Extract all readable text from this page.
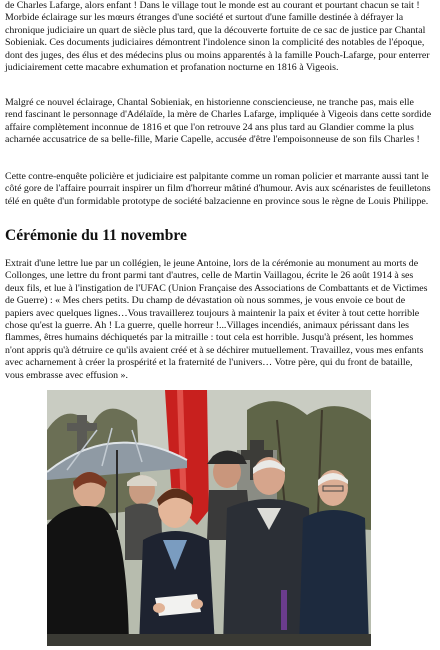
de Charles Lafarge, alors enfant ! Dans le village tout le monde est au courant et pourtant chacun se tait ! Morbide éclairage sur les mœurs étranges d'une société et surtout d'une famille destinée à défrayer la chronique judiciaire un quart de siècle plus tard, que la découverte fortuite de ce sac de justice par Chantal Sobieniak. Ces documents judiciaires démontrent l'indolence sinon la complicité des notables de l'époque, dont des juges, des élus et des médecins plus ou moins apparentés à la famille Pouch-Lafarge, pour enterrer judiciairement cette macabre exhumation et profanation nocturne en 1816 à Vigeois.

Malgré ce nouvel éclairage, Chantal Sobieniak, en historienne consciencieuse, ne tranche pas, mais elle rend fascinant le personnage d'Adélaïde, la mère de Charles Lafarge, impliquée à Vigeois dans cette sordide affaire complètement inconnue de 1816 et que l'on retrouve 24 ans plus tard au Glandier comme la plus acharnée accusatrice de sa belle-fille, Marie Capelle, accusée d'être l'empoisonneuse de son fils Charles !

Cette contre-enquête policière et judiciaire est palpitante comme un roman policier et marrante aussi tant le côté gore de l'affaire pourrait inspirer un film d'horreur mâtiné d'humour. Avis aux scénaristes de feuilletons télé en quête d'un formidable prototype de société balzacienne en province sous le règne de Louis Philippe.

Cérémonie du 11 novembre

Extrait d'une lettre lue par un collégien, le jeune Antoine, lors de la cérémonie au monument au morts de Collonges, une lettre du front parmi tant d'autres, celle de Martin Vaillagou, écrite le 26 août 1914 à ses deux fils, et lue à l'instigation de l'UFAC (Union Française des Associations de Combattants et de Victimes de Guerre) : « Mes chers petits. Du champ de dévastation où nous sommes, je vous envoie ce bout de papiers avec quelques lignes…Vous travaillerez toujours à maintenir la paix et éviter à tout cette horrible chose qu'est la guerre. Ah ! La guerre, quelle horreur !...Villages incendiés, animaux périssant dans les flammes, êtres humains déchiquetés par la mitraille : tout cela est horrible. Jusqu'à présent, les hommes n'ont appris qu'à détruire ce qu'ils avaient créé et à se déchirer mutuellement. Travaillez, vous mes enfants avec acharnement à créer la prospérité et la fraternité de l'univers… Votre père, qui du front de bataille, vous embrasse avec effusion ».
